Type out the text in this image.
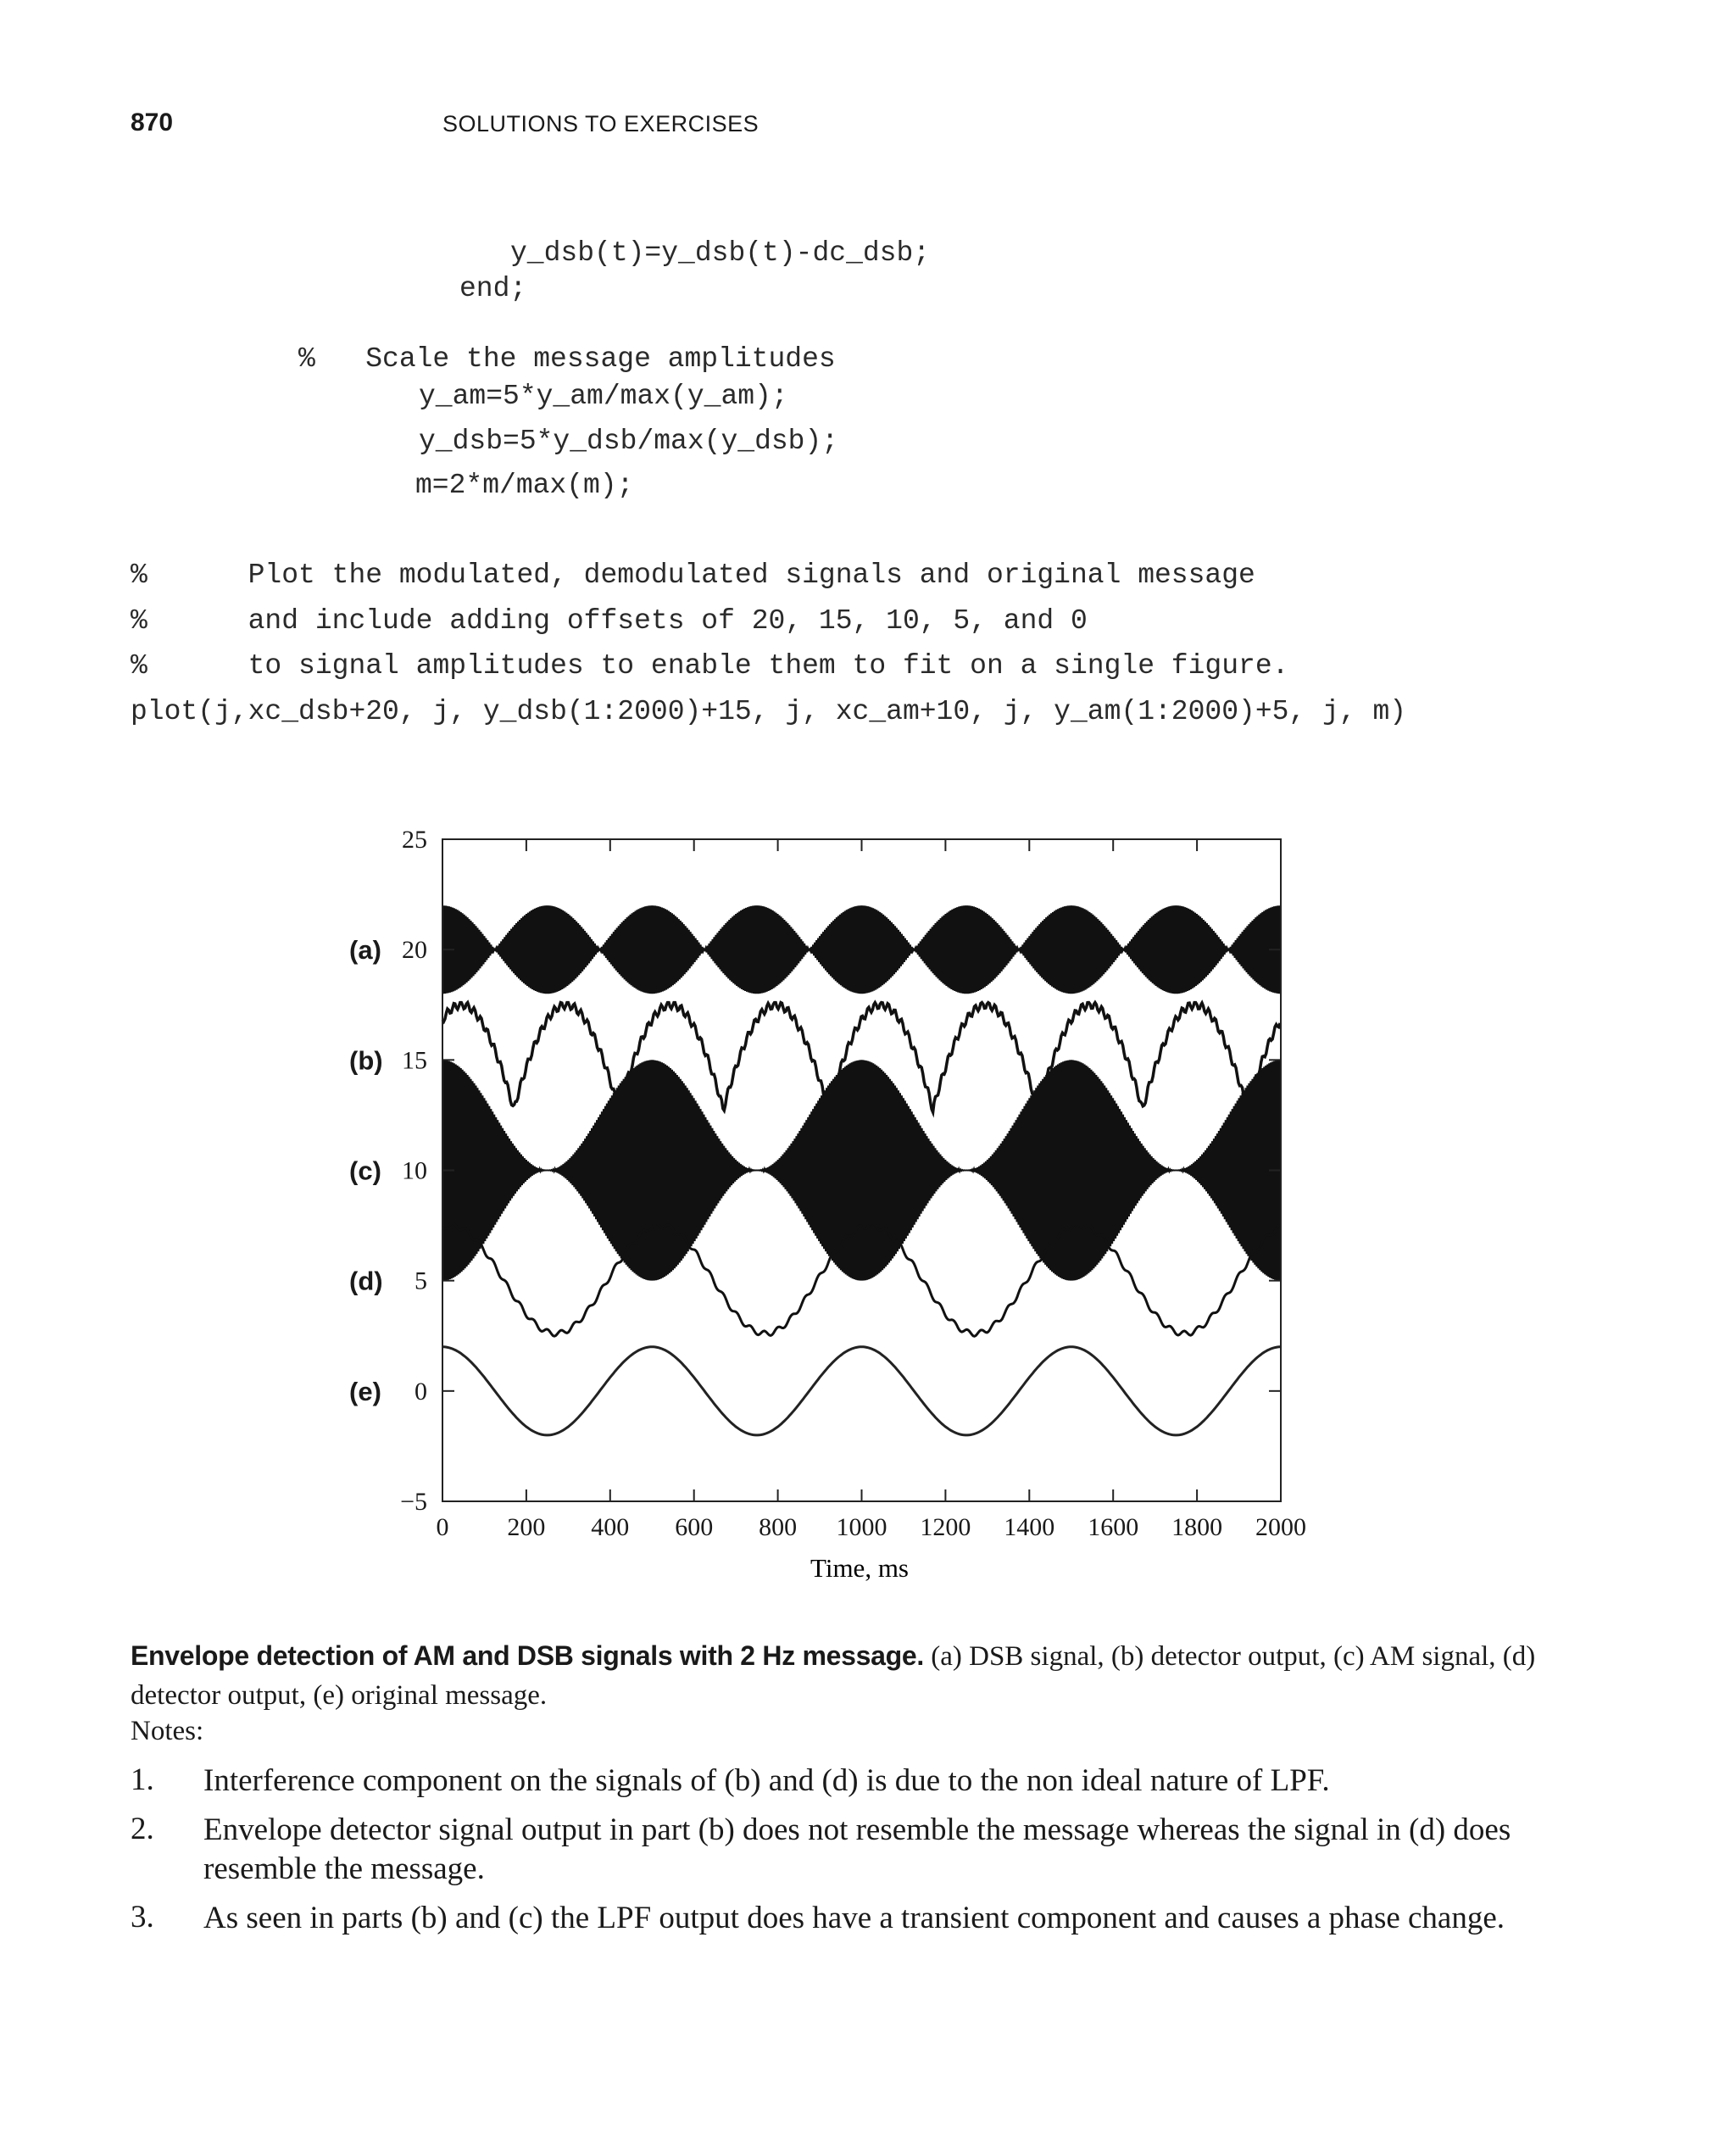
870	SOLUTIONS TO EXERCISES
y_dsb(t)=y_dsb(t)-dc_dsb;
end;
%   Scale the message amplitudes
y_am=5*y_am/max(y_am);
y_dsb=5*y_dsb/max(y_dsb);
m=2*m/max(m);
%      Plot the modulated, demodulated signals and original message
%      and include adding offsets of 20, 15, 10, 5, and 0
%      to signal amplitudes to enable them to fit on a single figure.
plot(j,xc_dsb+20, j, y_dsb(1:2000)+15, j, xc_am+10, j, y_am(1:2000)+5, j, m)
0 200 400 600 800 1000 1200 1400 1600 1800 2000
25
20
15
10
5
0
−5
(a)
(b)
(c)
(d)
(e)
Time, ms
Envelope detection of AM and DSB signals with 2 Hz message. (a) DSB signal, (b) detector output, (c) AM signal, (d) detector output, (e) original message.
Notes:
1. Interference component on the signals of (b) and (d) is due to the non ideal nature of LPF.
2. Envelope detector signal output in part (b) does not resemble the message whereas the signal in (d) does resemble the message.
3. As seen in parts (b) and (c) the LPF output does have a transient component and causes a phase change.
